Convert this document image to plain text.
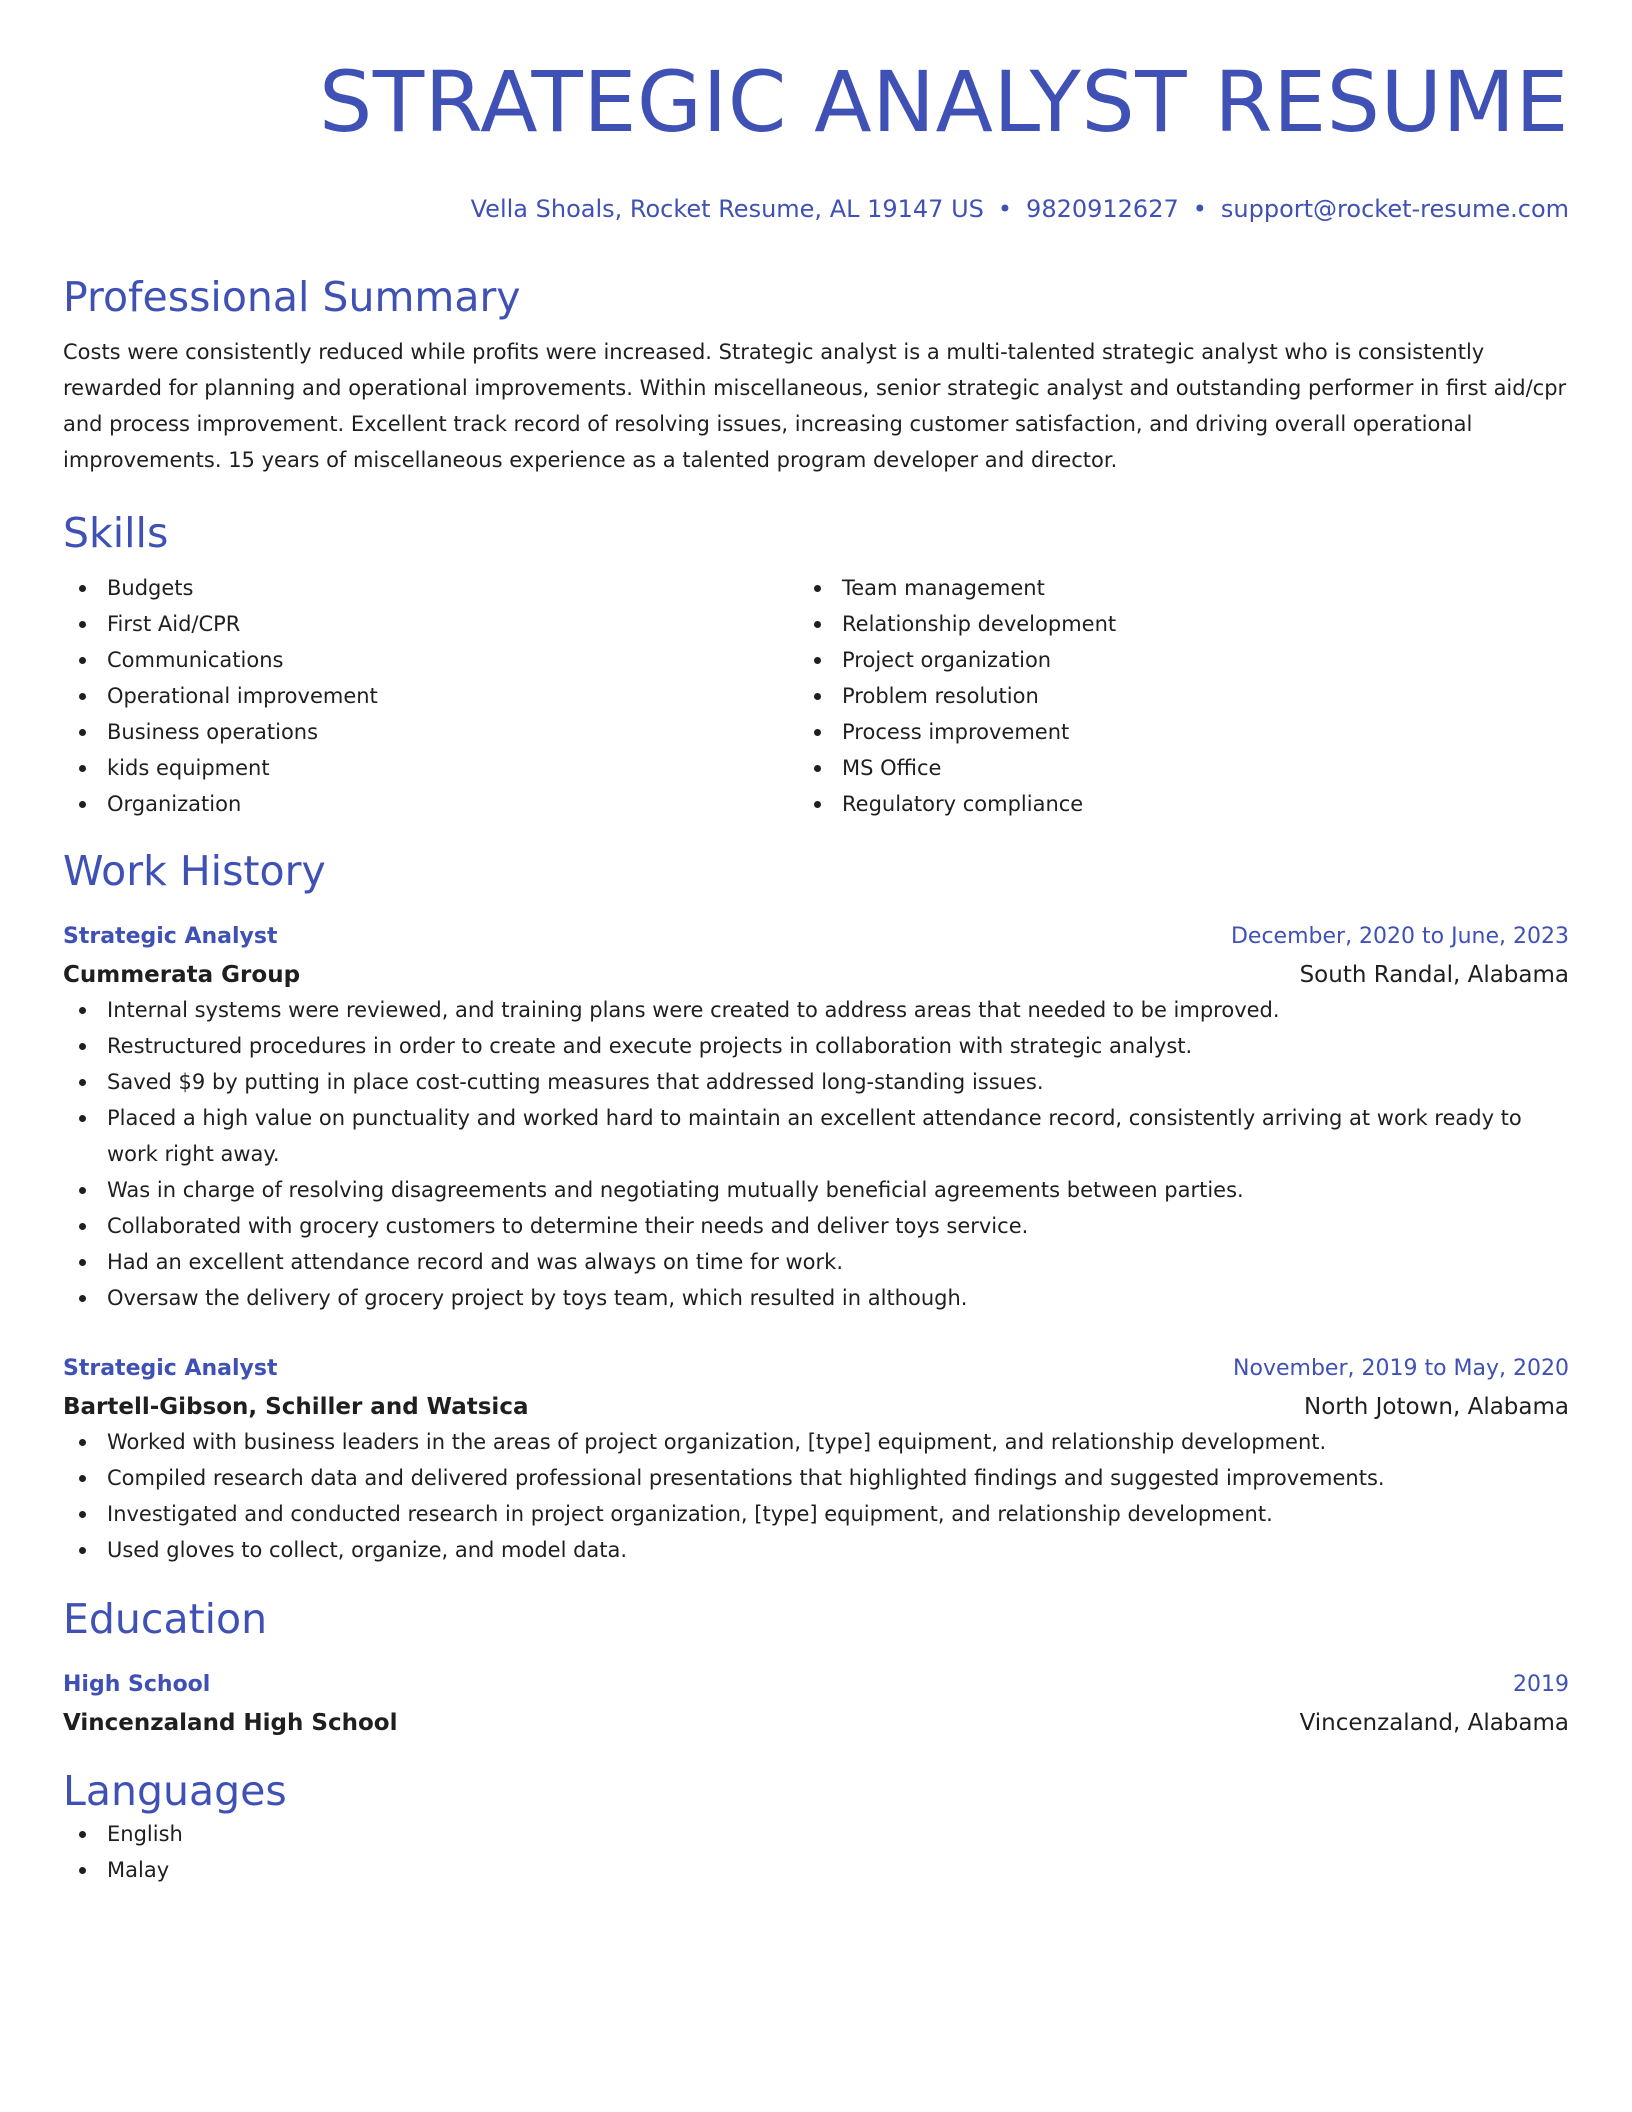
STRATEGIC ANALYST RESUME
Vella Shoals, Rocket Resume, AL 19147 US • 9820912627 • support@rocket-resume.com
Professional Summary

Costs were consistently reduced while profits were increased. Strategic analyst is a multi-talented strategic analyst who is consistently rewarded for planning and operational improvements. Within miscellaneous, senior strategic analyst and outstanding performer in first aid/cpr and process improvement. Excellent track record of resolving issues, increasing customer satisfaction, and driving overall operational improvements. 15 years of miscellaneous experience as a talented program developer and director.

Skills
Budgets
First Aid/CPR
Communications
Operational improvement
Business operations
kids equipment
Organization
Team management
Relationship development
Project organization
Problem resolution
Process improvement
MS Office
Regulatory compliance
Work History
Strategic Analyst	December, 2020 to June, 2023
Cummerata Group	South Randal, Alabama
Internal systems were reviewed, and training plans were created to address areas that needed to be improved.
Restructured procedures in order to create and execute projects in collaboration with strategic analyst.
Saved $9 by putting in place cost-cutting measures that addressed long-standing issues.
Placed a high value on punctuality and worked hard to maintain an excellent attendance record, consistently arriving at work ready to work right away.
Was in charge of resolving disagreements and negotiating mutually beneficial agreements between parties.
Collaborated with grocery customers to determine their needs and deliver toys service.
Had an excellent attendance record and was always on time for work.
Oversaw the delivery of grocery project by toys team, which resulted in although.
Strategic Analyst	November, 2019 to May, 2020
Bartell-Gibson, Schiller and Watsica	North Jotown, Alabama
Worked with business leaders in the areas of project organization, [type] equipment, and relationship development.
Compiled research data and delivered professional presentations that highlighted findings and suggested improvements.
Investigated and conducted research in project organization, [type] equipment, and relationship development.
Used gloves to collect, organize, and model data.
Education
High School	2019
Vincenzaland High School	Vincenzaland, Alabama
Languages
English
Malay
